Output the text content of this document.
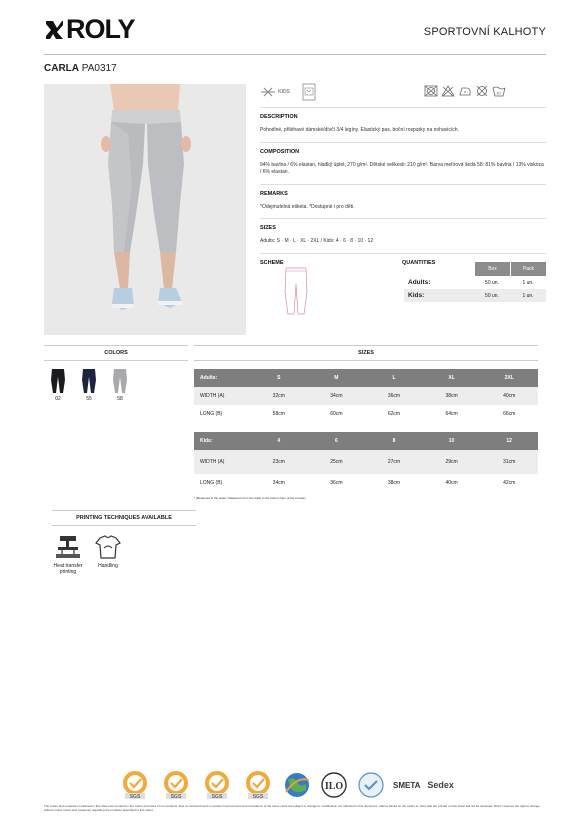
ROLY	SPORTOVNÍ KALHOTY
CARLA PA0317
KIDS	30
DESCRIPTION
Pohodlné, přiléhavé dámské/dívčí 3/4 legíny. Elastický pas, boční rozparky na nohavicích.
COMPOSITION
94% bavlna / 6% elastan, hladký úplet, 270 g/m². Dětské velikosti: 210 g/m². Barva melírová šedá 58: 81% bavlna / 13% viskoza / 6% elastan.
REMARKS
*Odejmutelná etiketa. *Dostupné i pro děti.
SIZES
Adults: S · M · L · XL · 2XL / Kids: 4 · 6 · 8 · 10 · 12
SCHEME	QUANTITIES
Box	Pack
Adults:	50 un.	1 un.
Kids:	50 un.	1 un.
COLORS
02	55	58
SIZES
Adults:	S	M	L	XL	2XL
WIDTH (A)	32cm	34cm	36cm	38cm	40cm
LONG (B)	58cm	60cm	62cm	64cm	66cm
Kids:	4	6	8	10	12
WIDTH (A)	23cm	25cm	27cm	29cm	31cm
LONG (B)	34cm	36cm	38cm	40cm	42cm
* [Measures in the waist / Measures from the waist to the bottom hem of the trouser]
PRINTING TECHNIQUES AVAILABLE
Heat transfer printing
Handling
SGS	SGS	SGS	SGS
ILO	SMETA Sedex
The colors and measures contained in this sheet are rounded to the colors and sizes of our products. Due to continued work in product improvement and renovations of the same stock are subject to change or modification not reflected in this document. Claims based on the colors or sizes that are printed on this sheet will not be accepted. ROLY reserves the right to change without notice colors and measures regarding the products described in this sheet.
